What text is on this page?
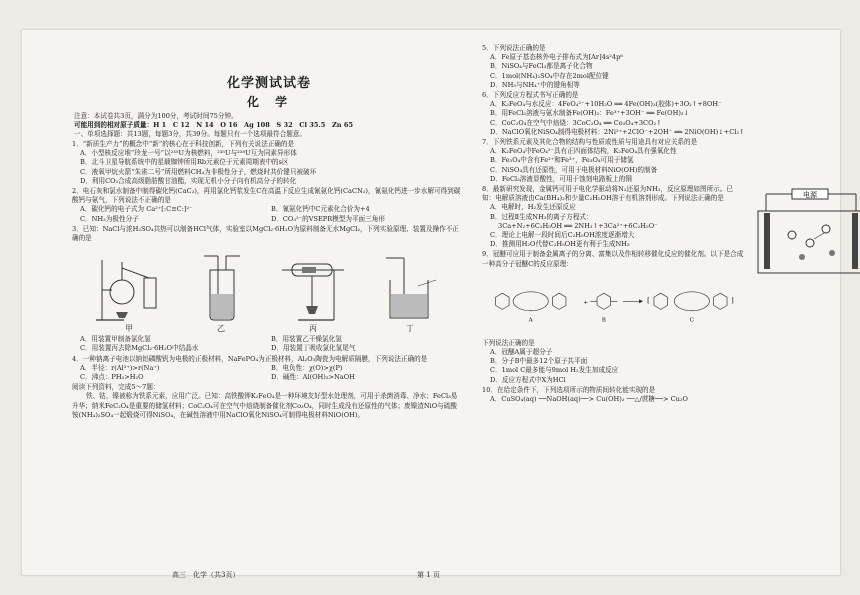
化学测试试卷
化 学
注意：本试卷共3页，满分为100分，考试时间75分钟。
可能用到的相对原子质量：H 1　C 12　N 14　O 16　Ag 108　S 32　Cl 35.5　Zn 65
一、单项选择题：共13题，每题3分，共39分。每题只有一个选项最符合题意。
1．“新质生产力”的概念中“新”的核心在于科技创新，下列有关说法正确的是
A．小型核反应堆“玲龙一号”以²³⁵U为核燃料，²³⁵U与²³⁸U互为同素异形体
B．北斗卫星导航系统中的星载铷钟所用Rb元素位于元素周期表中的s区
C．液氧甲烷火箭“朱雀二号”所用燃料CH₄为非极性分子，燃烧时共价键只被破坏
D．利用CO₂合成高级脂肪酸甘油酯，实现无机小分子向有机高分子的转化
2．电石灰和氯水制备中制得碳化钙(CaC₂)，再用氯化钙浆发生C在高温下反应生成氰氨化钙(CaCN₂)，氰氨化钙进一步水解可得到碳酸钙与氨气，下列说法不正确的是
A．碳化钙的电子式为 Ca²⁺[:C≡C:]²⁻	B．氰氨化钙中C元素化合价为+4
C．NH₃为极性分子	D．CO₃²⁻的VSEPR模型为平面三角形
3．已知：NaCl与浓H₂SO₄共热可以制备HCl气体，实验室以MgCl₂·6H₂O为原料制备无水MgCl₂，下列实验原理、装置及操作不正确的是
甲	乙	丙	丁
A．用装置甲制备氯化氢	B．用装置乙干燥氯化氢
C．用装置丙去除MgCl₂·6H₂O中结晶水	D．用装置丁吸收氯化氢尾气
4．一种钠离子电池以钠铝磷酸钒为电极的正极材料，NaFePO₄为正极材料，Al₂O₃陶瓷为电解质隔膜，下列说法正确的是
A．半径：r(Al³⁺)>r(Na⁺)	B．电负性：χ(O)>χ(P)
C．沸点：PH₃>H₂O	D．碱性：Al(OH)₃>NaOH
阅读下列资料，完成5～7题：
铁、钴、镍被称为铁系元素，应用广泛。已知：高铁酸钾K₂FeO₄是一种环境友好型水处理剂，可用于杀菌消毒、净水；FeCl₃易升华；纳米FeC₂O₄是重要的储氢材料；CoC₂O₄可在空气中焙烧制备催化剂Co₃O₄，同时生成没有还原性的气体；废镍渣NiO与硫酸铵(NH₄)₂SO₄一起煅烧可得NiSO₄，在碱性溶液中用NaClO氧化NiSO₄可制得电极材料NiO(OH)。
5．下列说法正确的是
A．Fe原子基态核外电子排布式为[Ar]4s²4p⁶
B．NiSO₄与FeCl₃都是离子化合物
C．1mol(NH₄)₂SO₄中存在2mol配位键
D．NH₃与NH₄⁺中的键角相等
6．下列反应方程式书写正确的是
A．K₂FeO₄与水反应：4FeO₄²⁻+10H₂O ══ 4Fe(OH)₃(胶体)+3O₂↑+8OH⁻
B．用FeCl₃溶液与氨水制备Fe(OH)₃：Fe³⁺+3OH⁻ ══ Fe(OH)₃↓
C．CoC₂O₄在空气中焙烧：3CoC₂O₄ ══ Co₃O₄+3CO₂↑
D．NaClO氧化NiSO₄制得电极材料：2Ni²⁺+2ClO⁻+2OH⁻ ══ 2NiO(OH)↓+Cl₂↑
7．下列铁系元素及其化合物的结构与性质或性质与用途具有对应关系的是
A．K₂FeO₄中FeO₄²⁻具有正四面体结构，K₂FeO₄具有强氧化性
B．Fe₃O₄中含有Fe²⁺和Fe³⁺，Fe₃O₄可用于储氢
C．NiSO₄具有还原性，可用于电极材料NiO(OH)的制备
D．FeCl₃溶液显酸性，可用于蚀刻电路板上的铜
电源
8．最新研究发现，金属钙可用于电化学驱动将N₂还原为NH₃，反应原理如图所示。已知：电解质溶液由Ca(BH₄)₂和少量C₂H₅OH溶于有机溶剂形成。下列说法正确的是
A．电解时，H₂发生还原反应
B．过程Ⅱ生成NH₃的离子方程式：
3Ca+N₂+6C₂H₅OH ══ 2NH₃↑+3Ca²⁺+6C₂H₅O⁻
C．理论上电解一段时间后C₂H₅OH浓度逐渐增大
D．推测用H₂O代替C₂H₅OH更有利于生成NH₃
9．冠醚可应用于制备金属离子的分离、富集以及作相转移催化反应的催化剂。以下是合成一种高分子冠醚C的反应原理：
A
+
B
[	]
C
下列说法正确的是
A．冠醚A属于超分子
B．分子B中最多12个原子共平面
C．1mol C最多能与9mol H₂发生加成反应
D．反应方程式中X为HCl
10．在给定条件下，下列选项所示的物质间转化能实现的是
A．CuSO₄(aq) ──NaOH(aq)──> Cu(OH)₂ ──△/蔗糖──> Cu₂O
高三　化学（共3页）	第 1 页
